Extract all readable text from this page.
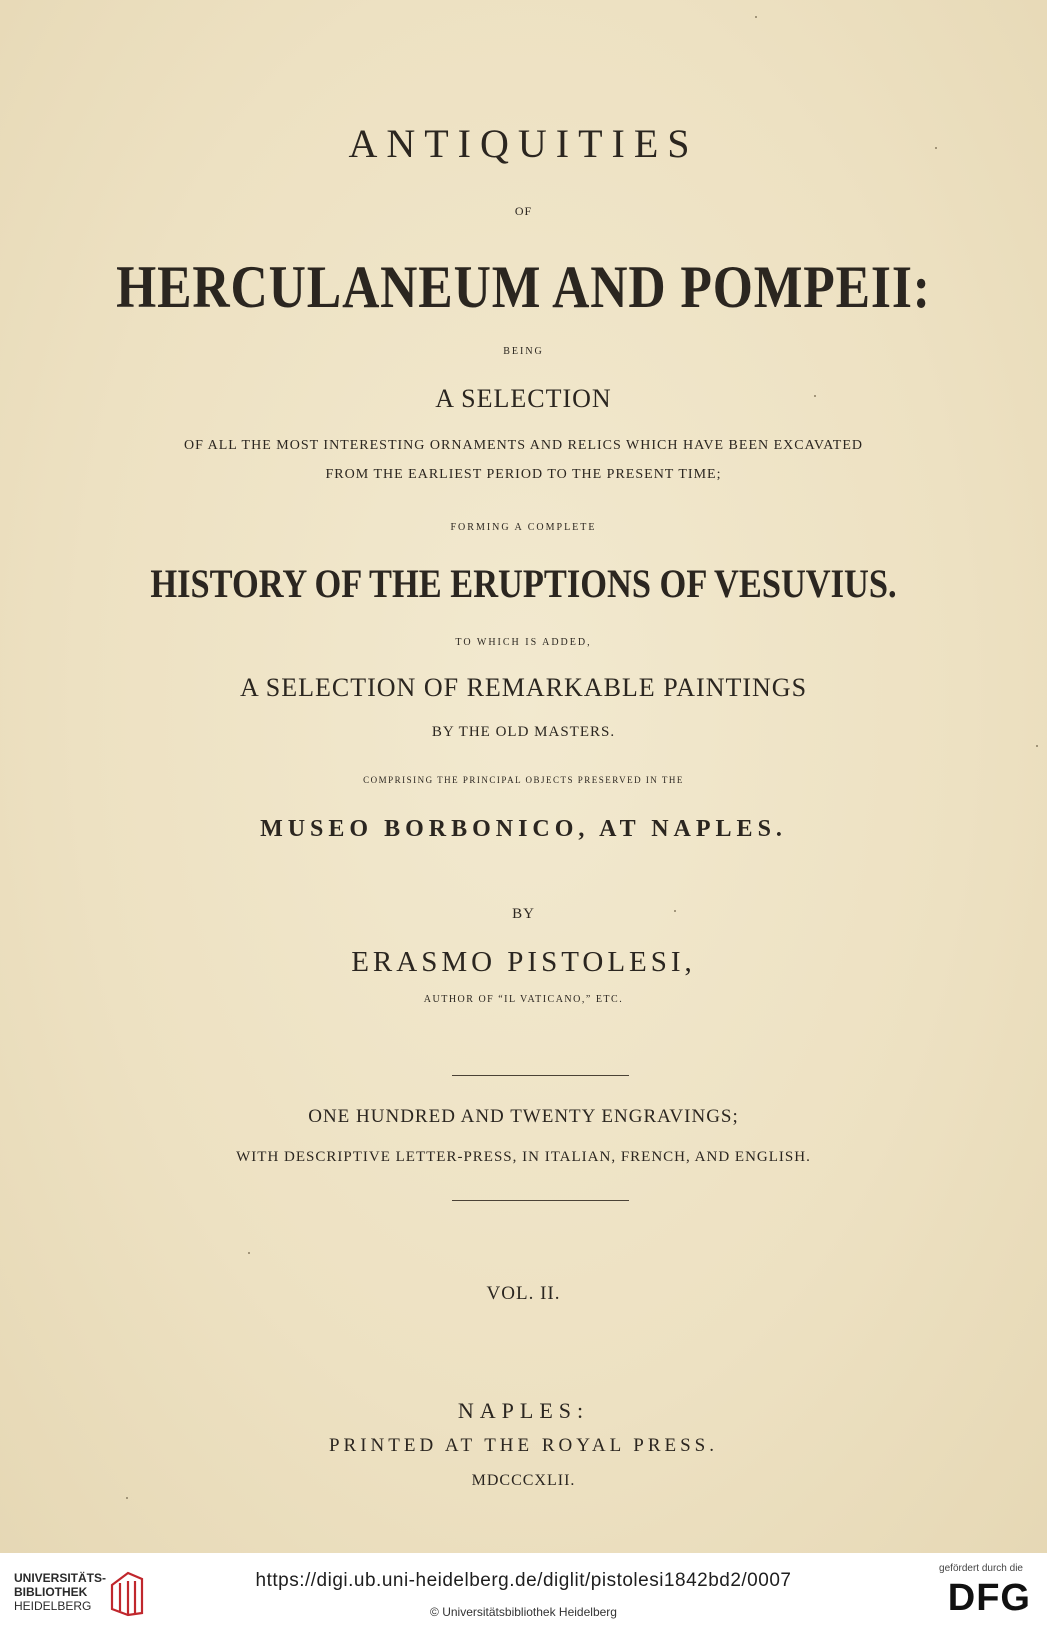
ANTIQUITIES
OF
HERCULANEUM AND POMPEII:
BEING
A SELECTION
OF ALL THE MOST INTERESTING ORNAMENTS AND RELICS WHICH HAVE BEEN EXCAVATED
FROM THE EARLIEST PERIOD TO THE PRESENT TIME;
FORMING A COMPLETE
HISTORY OF THE ERUPTIONS OF VESUVIUS.
TO WHICH IS ADDED,
A SELECTION OF REMARKABLE PAINTINGS
BY THE OLD MASTERS.
COMPRISING THE PRINCIPAL OBJECTS PRESERVED IN THE
MUSEO BORBONICO, AT NAPLES.
BY
ERASMO PISTOLESI,
AUTHOR OF “IL VATICANO,” ETC.
ONE HUNDRED AND TWENTY ENGRAVINGS;
WITH DESCRIPTIVE LETTER-PRESS, IN ITALIAN, FRENCH, AND ENGLISH.
VOL. II.
NAPLES:
PRINTED AT THE ROYAL PRESS.
MDCCCXLII.
UNIVERSITÄTS-
BIBLIOTHEK
HEIDELBERG
https://digi.ub.uni-heidelberg.de/diglit/pistolesi1842bd2/0007
© Universitätsbibliothek Heidelberg
gefördert durch die
DFG
